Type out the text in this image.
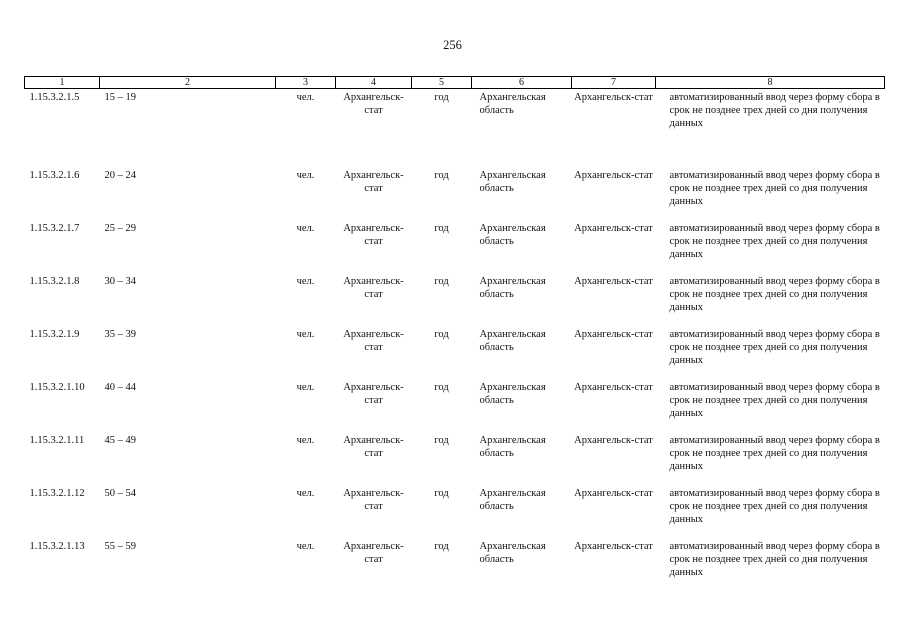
256
1	2	3	4	5	6	7	8
1.15.3.2.1.5	15 – 19	чел.	Архангельск-стат	год	Архангельская область	Архангельск-стат	автоматизированный ввод через форму сбора в срок не позднее трех дней со дня получения данных
1.15.3.2.1.6	20 – 24	чел.	Архангельск-стат	год	Архангельская область	Архангельск-стат	автоматизированный ввод через форму сбора в срок не позднее трех дней со дня получения данных
1.15.3.2.1.7	25 – 29	чел.	Архангельск-стат	год	Архангельская область	Архангельск-стат	автоматизированный ввод через форму сбора в срок не позднее трех дней со дня получения данных
1.15.3.2.1.8	30 – 34	чел.	Архангельск-стат	год	Архангельская область	Архангельск-стат	автоматизированный ввод через форму сбора в срок не позднее трех дней со дня получения данных
1.15.3.2.1.9	35 – 39	чел.	Архангельск-стат	год	Архангельская область	Архангельск-стат	автоматизированный ввод через форму сбора в срок не позднее трех дней со дня получения данных
1.15.3.2.1.10	40 – 44	чел.	Архангельск-стат	год	Архангельская область	Архангельск-стат	автоматизированный ввод через форму сбора в срок не позднее трех дней со дня получения данных
1.15.3.2.1.11	45 – 49	чел.	Архангельск-стат	год	Архангельская область	Архангельск-стат	автоматизированный ввод через форму сбора в срок не позднее трех дней со дня получения данных
1.15.3.2.1.12	50 – 54	чел.	Архангельск-стат	год	Архангельская область	Архангельск-стат	автоматизированный ввод через форму сбора в срок не позднее трех дней со дня получения данных
1.15.3.2.1.13	55 – 59	чел.	Архангельск-стат	год	Архангельская область	Архангельск-стат	автоматизированный ввод через форму сбора в срок не позднее трех дней со дня получения данных
